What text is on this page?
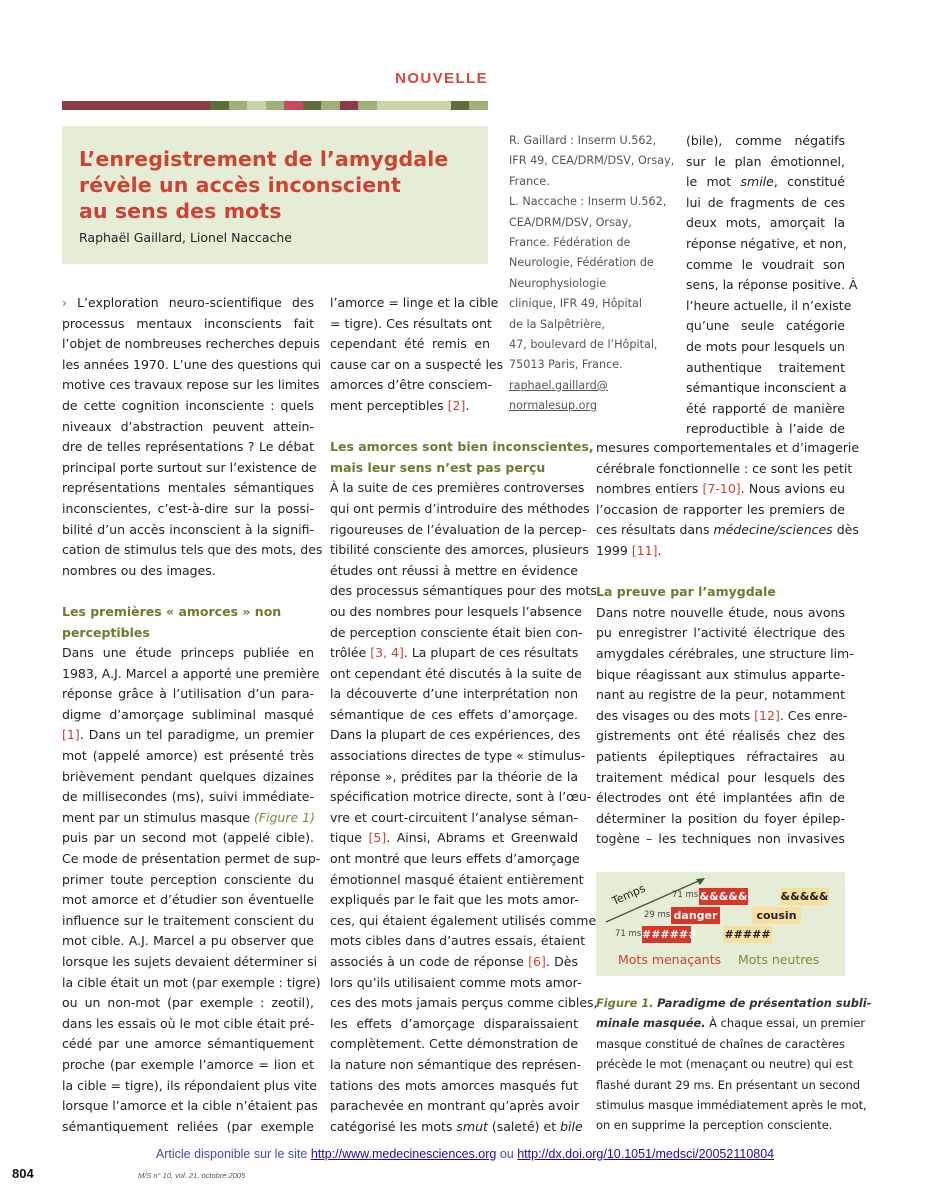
NOUVELLE
L’enregistrement de l’amygdale
révèle un accès inconscient
au sens des mots
Raphaël Gaillard, Lionel Naccache
R. Gaillard : Inserm U.562,
IFR 49, CEA/DRM/DSV, Orsay,
France.
L. Naccache : Inserm U.562,
CEA/DRM/DSV, Orsay,
France. Fédération de
Neurologie, Fédération de
Neurophysiologie
clinique, IFR 49, Hôpital
de la Salpêtrière,
47, boulevard de l’Hôpital,
75013 Paris, France.
raphael.gaillard@
normalesup.org
› L’exploration neuro-scientifique des
processus mentaux inconscients fait
l’objet de nombreuses recherches depuis
les années 1970. L’une des questions qui
motive ces travaux repose sur les limites
de cette cognition inconsciente : quels
niveaux d’abstraction peuvent attein-
dre de telles représentations ? Le débat
principal porte surtout sur l’existence de
représentations mentales sémantiques
inconscientes, c’est-à-dire sur la possi-
bilité d’un accès inconscient à la signifi-
cation de stimulus tels que des mots, des
nombres ou des images.
Les premières « amorces » non
perceptibles
Dans une étude princeps publiée en
1983, A.J. Marcel a apporté une première
réponse grâce à l’utilisation d’un para-
digme d’amorçage subliminal masqué
[1]. Dans un tel paradigme, un premier
mot (appelé amorce) est présenté très
brièvement pendant quelques dizaines
de millisecondes (ms), suivi immédiate-
ment par un stimulus masque (Figure 1)
puis par un second mot (appelé cible).
Ce mode de présentation permet de sup-
primer toute perception consciente du
mot amorce et d’étudier son éventuelle
influence sur le traitement conscient du
mot cible. A.J. Marcel a pu observer que
lorsque les sujets devaient déterminer si
la cible était un mot (par exemple : tigre)
ou un non-mot (par exemple : zeotil),
dans les essais où le mot cible était pré-
cédé par une amorce sémantiquement
proche (par exemple l’amorce = lion et
la cible = tigre), ils répondaient plus vite
lorsque l’amorce et la cible n’étaient pas
sémantiquement reliées (par exemple
l’amorce = linge et la cible
= tigre). Ces résultats ont
cependant été remis en
cause car on a suspecté les
amorces d’être consciem-
ment perceptibles [2].
Les amorces sont bien inconscientes,
mais leur sens n’est pas perçu
À la suite de ces premières controverses
qui ont permis d’introduire des méthodes
rigoureuses de l’évaluation de la percep-
tibilité consciente des amorces, plusieurs
études ont réussi à mettre en évidence
des processus sémantiques pour des mots
ou des nombres pour lesquels l’absence
de perception consciente était bien con-
trôlée [3, 4]. La plupart de ces résultats
ont cependant été discutés à la suite de
la découverte d’une interprétation non
sémantique de ces effets d’amorçage.
Dans la plupart de ces expériences, des
associations directes de type « stimulus-
réponse », prédites par la théorie de la
spécification motrice directe, sont à l’œu-
vre et court-circuitent l’analyse séman-
tique [5]. Ainsi, Abrams et Greenwald
ont montré que leurs effets d’amorçage
émotionnel masqué étaient entièrement
expliqués par le fait que les mots amor-
ces, qui étaient également utilisés comme
mots cibles dans d’autres essais, étaient
associés à un code de réponse [6]. Dès
lors qu’ils utilisaient comme mots amor-
ces des mots jamais perçus comme cibles,
les effets d’amorçage disparaissaient
complètement. Cette démonstration de
la nature non sémantique des représen-
tations des mots amorces masqués fut
parachevée en montrant qu’après avoir
catégorisé les mots smut (saleté) et bile
(bile), comme négatifs
sur le plan émotionnel,
le mot smile, constitué
lui de fragments de ces
deux mots, amorçait la
réponse négative, et non,
comme le voudrait son
sens, la réponse positive. À
l’heure actuelle, il n’existe
qu’une seule catégorie
de mots pour lesquels un
authentique traitement
sémantique inconscient a
été rapporté de manière
reproductible à l’aide de
mesures comportementales et d’imagerie
cérébrale fonctionnelle : ce sont les petit
nombres entiers [7-10]. Nous avions eu
l’occasion de rapporter les premiers de
ces résultats dans médecine/sciences dès
1999 [11].
La preuve par l’amygdale
Dans notre nouvelle étude, nous avons
pu enregistrer l’activité électrique des
amygdales cérébrales, une structure lim-
bique réagissant aux stimulus apparte-
nant au registre de la peur, notamment
des visages ou des mots [12]. Ces enre-
gistrements ont été réalisés chez des
patients épileptiques réfractaires au
traitement médical pour lesquels des
électrodes ont été implantées afin de
déterminer la position du foyer épilep-
togène – les techniques non invasives
Temps	71 ms
29 ms
71 ms
&&&&&
danger
######
&&&&&
cousin
#####
Mots menaçants Mots neutres
Figure 1. Paradigme de présentation subli-
minale masquée. À chaque essai, un premier
masque constitué de chaînes de caractères
précède le mot (menaçant ou neutre) qui est
flashé durant 29 ms. En présentant un second
stimulus masque immédiatement après le mot,
on en supprime la perception consciente.
Article disponible sur le site http://www.medecinesciences.org ou http://dx.doi.org/10.1051/medsci/20052110804
804	M/S n° 10, vol. 21, octobre 2005
